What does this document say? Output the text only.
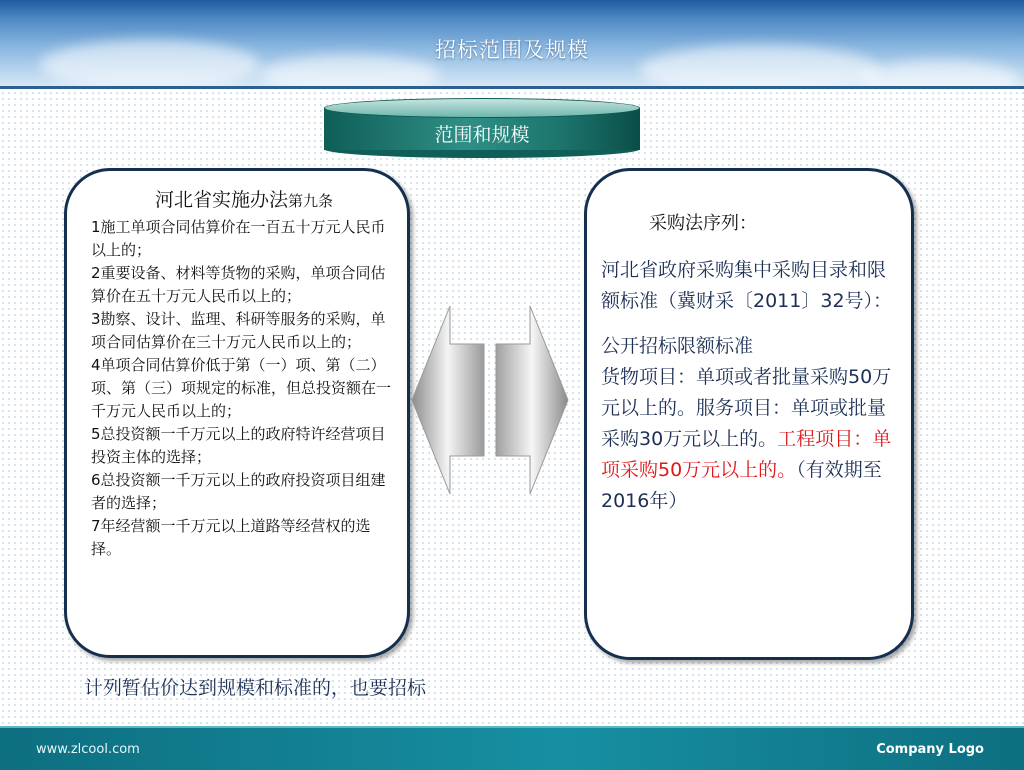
招标范围及规模
范围和规模
河北省实施办法第九条
1施工单项合同估算价在一百五十万元人民币以上的；
2重要设备、材料等货物的采购，单项合同估算价在五十万元人民币以上的；
3勘察、设计、监理、科研等服务的采购，单项合同估算价在三十万元人民币以上的；
4单项合同估算价低于第（一）项、第（二）项、第（三）项规定的标准，但总投资额在一千万元人民币以上的；
5总投资额一千万元以上的政府特许经营项目投资主体的选择；
6总投资额一千万元以上的政府投资项目组建者的选择；
7年经营额一千万元以上道路等经营权的选择。
采购法序列：
河北省政府采购集中采购目录和限额标准（冀财采〔2011〕32号）：
公开招标限额标准
货物项目：单项或者批量采购50万元以上的。服务项目：单项或批量采购30万元以上的。工程项目：单项采购50万元以上的。（有效期至2016年）
计列暂估价达到规模和标准的，也要招标
www.zlcool.com	Company Logo
